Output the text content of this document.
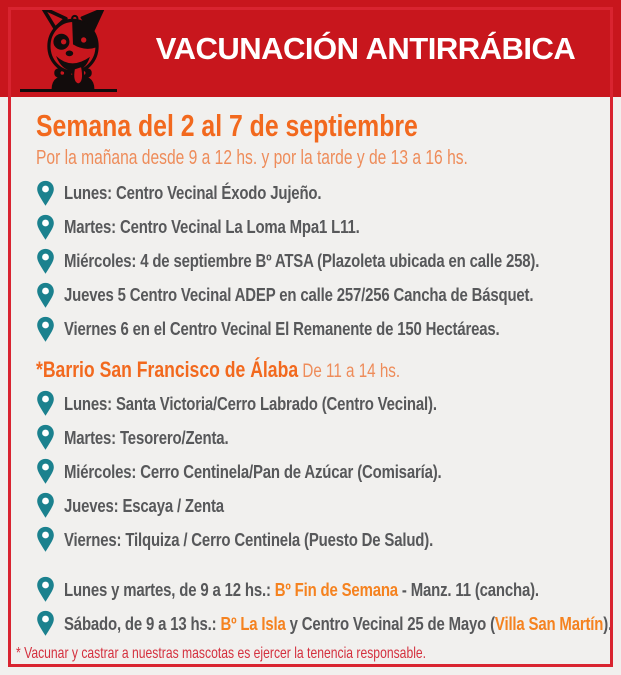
VACUNACIÓN ANTIRRÁBICA
Semana del 2 al 7 de septiembre Por la mañana desde 9 a 12 hs. y por la tarde y de 13 a 16 hs.
Lunes: Centro Vecinal Éxodo Jujeño.
Martes: Centro Vecinal La Loma Mpa1 L11.
Miércoles: 4 de septiembre Bº ATSA (Plazoleta ubicada en calle 258).
Jueves 5 Centro Vecinal ADEP en calle 257/256 Cancha de Básquet.
Viernes 6 en el Centro Vecinal El Remanente de 150 Hectáreas.
*Barrio San Francisco de Álaba De 11 a 14 hs.
Lunes: Santa Victoria/Cerro Labrado (Centro Vecinal).
Martes: Tesorero/Zenta.
Miércoles: Cerro Centinela/Pan de Azúcar (Comisaría).
Jueves: Escaya / Zenta
Viernes: Tilquiza / Cerro Centinela (Puesto De Salud).
Lunes y martes, de 9 a 12 hs.: Bº Fin de Semana - Manz. 11 (cancha).
Sábado, de 9 a 13 hs.: Bº La Isla y Centro Vecinal 25 de Mayo (Villa San Martín).
* Vacunar y castrar a nuestras mascotas es ejercer la tenencia responsable.
